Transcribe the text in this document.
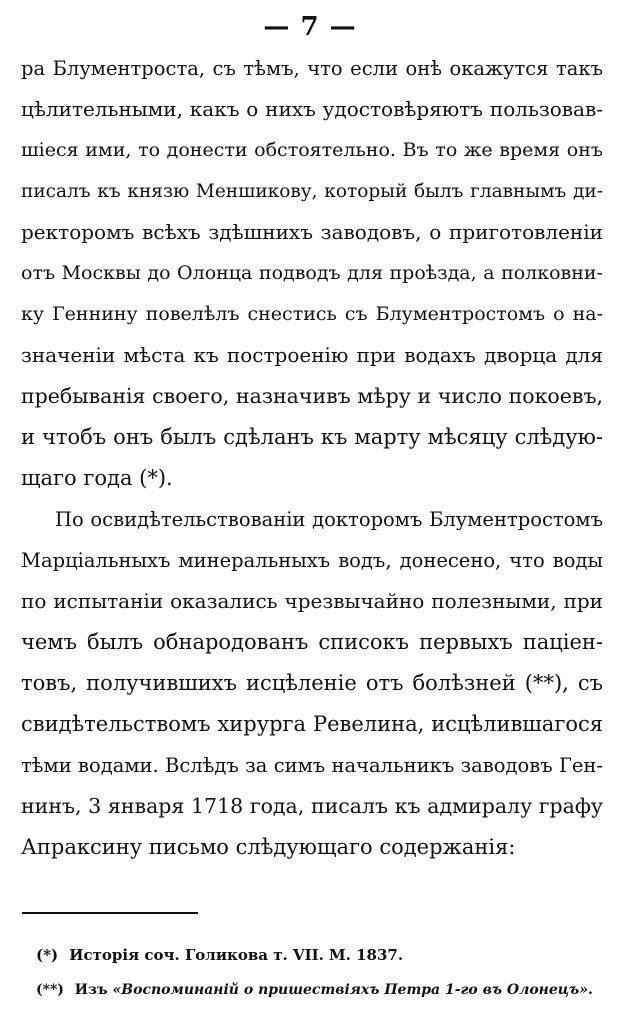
— 7 —
ра Блументроста, съ тѣмъ, что если онѣ окажутся такъ
цѣлительными, какъ о нихъ удостовѣряютъ пользовав-
шіеся ими, то донести обстоятельно. Въ то же время онъ
писалъ къ князю Меншикову, который былъ главнымъ ди-
ректоромъ всѣхъ здѣшнихъ заводовъ, о приготовленіи
отъ Москвы до Олонца подводъ для проѣзда, а полковни-
ку Геннину повелѣлъ снестись съ Блументростомъ о на-
значеніи мѣста къ построенію при водахъ дворца для
пребыванія своего, назначивъ мѣру и число покоевъ,
и чтобъ онъ былъ сдѣланъ къ марту мѣсяцу слѣдую-
щаго года (*).
По освидѣтельствованіи докторомъ Блументростомъ
Марціальныхъ минеральныхъ водъ, донесено, что воды
по испытаніи оказались чрезвычайно полезными, при
чемъ былъ обнародованъ списокъ первыхъ паціен-
товъ, получившихъ исцѣленіе отъ болѣзней (**), съ
свидѣтельствомъ хирурга Ревелина, исцѣлившагося
тѣми водами. Вслѣдъ за симъ начальникъ заводовъ Ген-
нинъ, 3 января 1718 года, писалъ къ адмиралу графу
Апраксину письмо слѣдующаго содержанія:
(*) Исторія соч. Голикова т. VII. М. 1837.
(**) Изъ «Воспоминаній о пришествіяхъ Петра 1-го въ Олонецъ».
